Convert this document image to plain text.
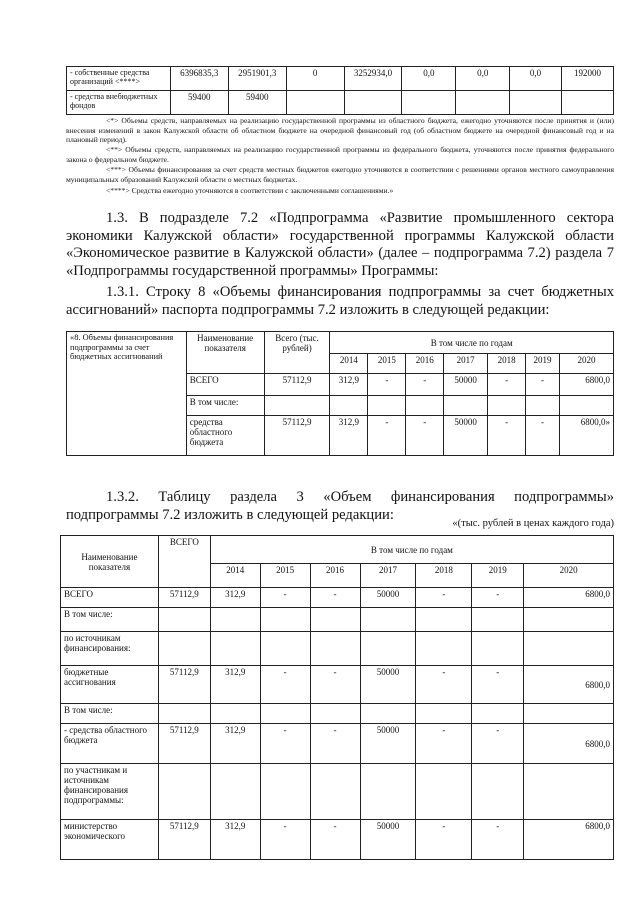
- собственные средства организаций <****>	6396835,3	2951901,3	0	3252934,0	0,0	0,0	0,0	192000
- средства внебюджетных фондов	59400	59400						
<*> Объемы средств, направляемых на реализацию государственной программы из областного бюджета, ежегодно уточняются после принятия и (или) внесения изменений в закон Калужской области об областном бюджете на очередной финансовый год (об областном бюджете на очередной финансовый год и на плановый период).
<**> Объемы средств, направляемых на реализацию государственной программы из федерального бюджета, уточняются после принятия федерального закона о федеральном бюджете.
<***> Объемы финансирования за счет средств местных бюджетов ежегодно уточняются в соответствии с решениями органов местного самоуправления муниципальных образований Калужской области о местных бюджетах.
<****> Средства ежегодно уточняются в соответствии с заключенными соглашениями.»
1.3. В подразделе 7.2 «Подпрограмма «Развитие промышленного сектора экономики Калужской области» государственной программы Калужской области «Экономическое развитие в Калужской области» (далее – подпрограмма 7.2) раздела 7 «Подпрограммы государственной программы» Программы:
1.3.1. Строку 8 «Объемы финансирования подпрограммы за счет бюджетных ассигнований» паспорта подпрограммы 7.2 изложить в следующей редакции:
«8. Объемы финансирования подпрограммы за счет бюджетных ассигнований	Наименование показателя	Всего (тыс. рублей)	В том числе по годам						
			2014	2015	2016	2017	2018	2019	2020
	ВСЕГО	57112,9	312,9	-	-	50000	-	-	6800,0
	В том числе:								
	средства областного бюджета	57112,9	312,9	-	-	50000	-	-	6800,0»
1.3.2. Таблицу раздела 3 «Объем финансирования подпрограммы» подпрограммы 7.2 изложить в следующей редакции:
«(тыс. рублей в ценах каждого года)
Наименование показателя	ВСЕГО	В том числе по годам						
		2014	2015	2016	2017	2018	2019	2020
ВСЕГО	57112,9	312,9	-	-	50000	-	-	6800,0
В том числе:								
по источникам финансирования:								
бюджетные ассигнования	57112,9	312,9	-	-	50000	-	-	6800,0
В том числе:								
- средства областного бюджета	57112,9	312,9	-	-	50000	-	-	6800,0
по участникам и источникам финансирования подпрограммы:								
министерство экономического	57112,9	312,9	-	-	50000	-	-	6800,0
